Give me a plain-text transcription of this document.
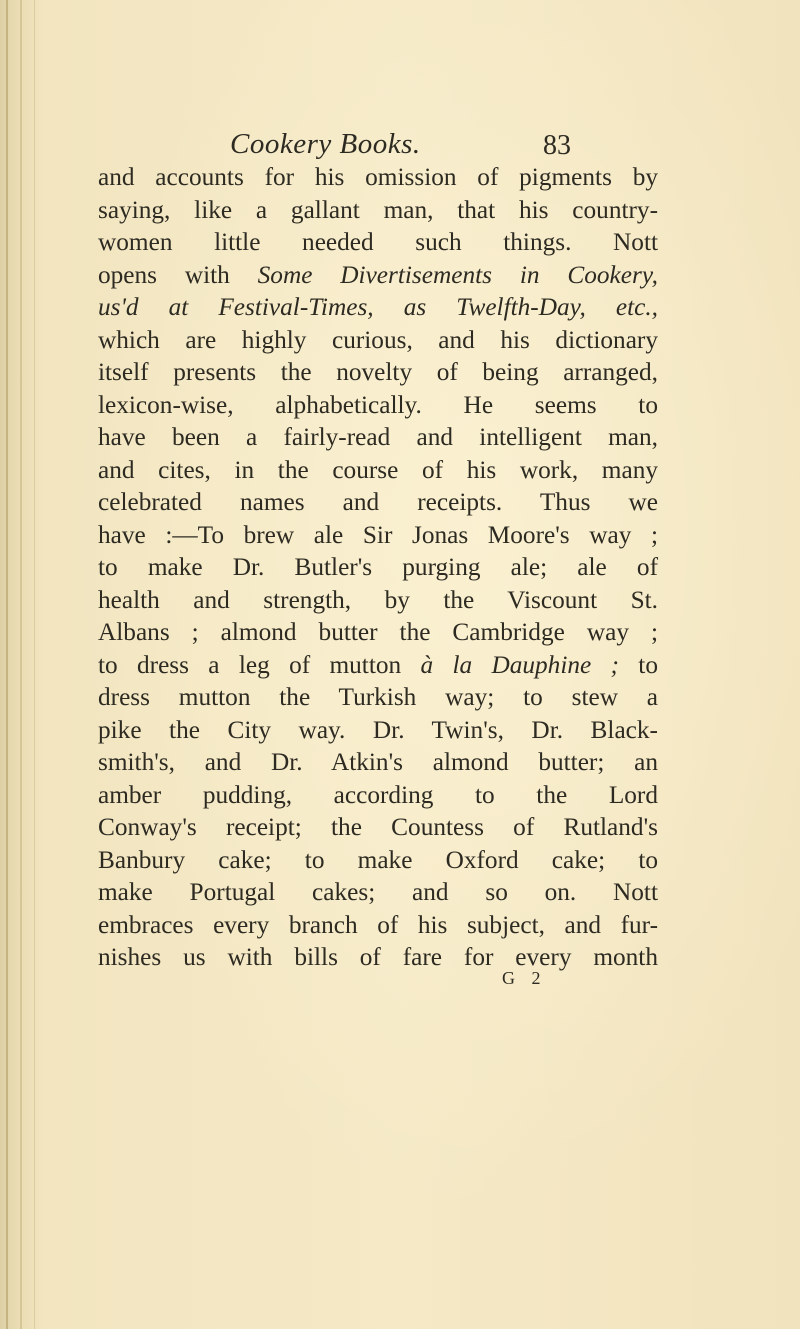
Cookery Books.	83
and accounts for his omission of pigments by
saying, like a gallant man, that his country-
women little needed such things. Nott
opens with Some Divertisements in Cookery,
us'd at Festival-Times, as Twelfth-Day, etc.,
which are highly curious, and his dictionary
itself presents the novelty of being arranged,
lexicon-wise, alphabetically. He seems to
have been a fairly-read and intelligent man,
and cites, in the course of his work, many
celebrated names and receipts. Thus we
have :—To brew ale Sir Jonas Moore's way ;
to make Dr. Butler's purging ale; ale of
health and strength, by the Viscount St.
Albans ; almond butter the Cambridge way ;
to dress a leg of mutton à la Dauphine ; to
dress mutton the Turkish way; to stew a
pike the City way. Dr. Twin's, Dr. Black-
smith's, and Dr. Atkin's almond butter; an
amber pudding, according to the Lord
Conway's receipt; the Countess of Rutland's
Banbury cake; to make Oxford cake; to
make Portugal cakes; and so on. Nott
embraces every branch of his subject, and fur-
nishes us with bills of fare for every month
G 2
